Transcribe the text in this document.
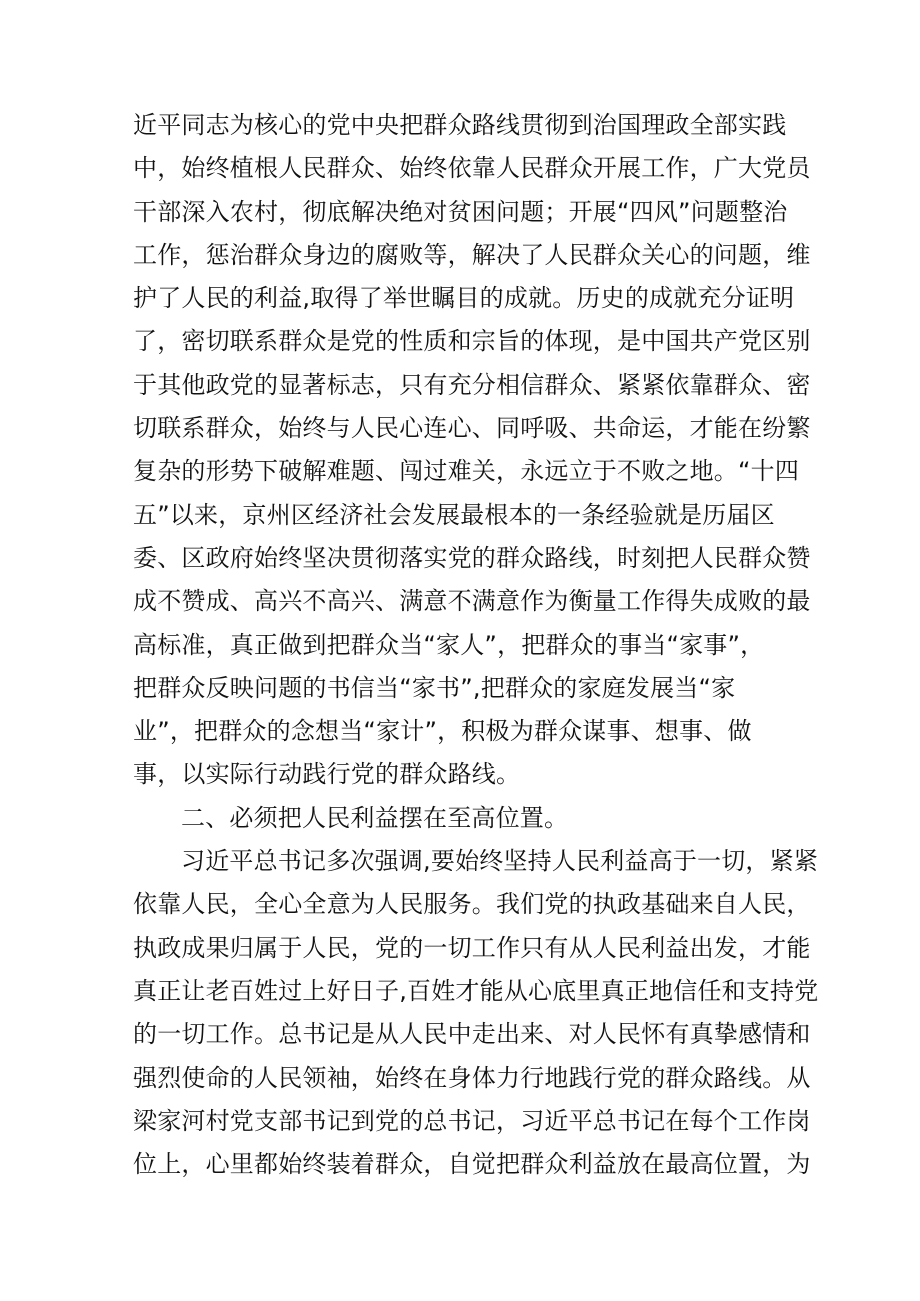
近平同志为核心的党中央把群众路线贯彻到治国理政全部实践
中，始终植根人民群众、始终依靠人民群众开展工作，广大党员
干部深入农村，彻底解决绝对贫困问题；开展“四风”问题整治
工作，惩治群众身边的腐败等，解决了人民群众关心的问题，维
护了人民的利益,取得了举世瞩目的成就。历史的成就充分证明
了，密切联系群众是党的性质和宗旨的体现，是中国共产党区别
于其他政党的显著标志，只有充分相信群众、紧紧依靠群众、密
切联系群众，始终与人民心连心、同呼吸、共命运，才能在纷繁
复杂的形势下破解难题、闯过难关，永远立于不败之地。“十四
五”以来，京州区经济社会发展最根本的一条经验就是历届区
委、区政府始终坚决贯彻落实党的群众路线，时刻把人民群众赞
成不赞成、高兴不高兴、满意不满意作为衡量工作得失成败的最
高标准，真正做到把群众当“家人”，把群众的事当“家事”，
把群众反映问题的书信当“家书”,把群众的家庭发展当“家
业”，把群众的念想当“家计”，积极为群众谋事、想事、做
事，以实际行动践行党的群众路线。
二、必须把人民利益摆在至高位置。
习近平总书记多次强调,要始终坚持人民利益高于一切，紧紧
依靠人民，全心全意为人民服务。我们党的执政基础来自人民，
执政成果归属于人民，党的一切工作只有从人民利益出发，才能
真正让老百姓过上好日子,百姓才能从心底里真正地信任和支持党
的一切工作。总书记是从人民中走出来、对人民怀有真挚感情和
强烈使命的人民领袖，始终在身体力行地践行党的群众路线。从
梁家河村党支部书记到党的总书记，习近平总书记在每个工作岗
位上，心里都始终装着群众，自觉把群众利益放在最高位置，为
